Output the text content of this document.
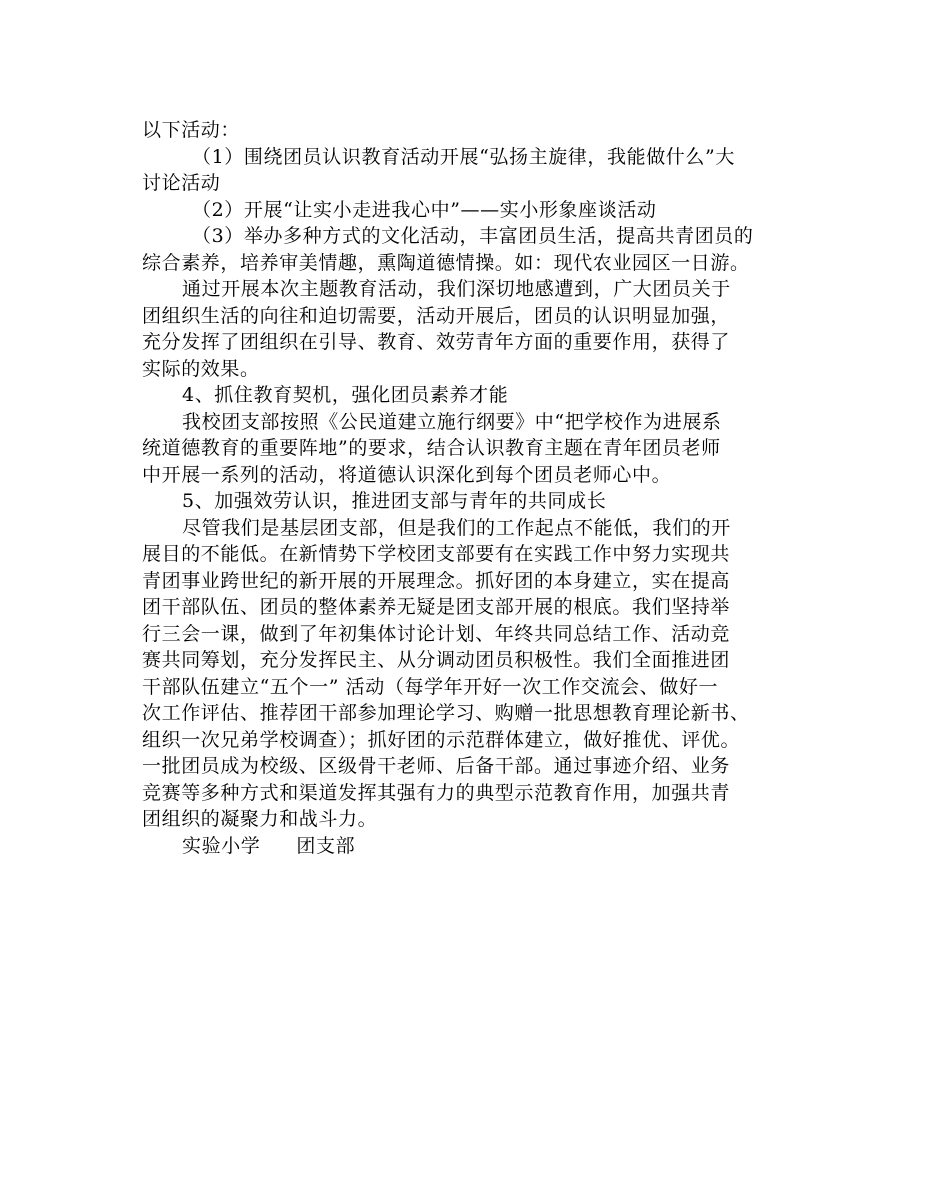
以下活动：
（1）围绕团员认识教育活动开展“弘扬主旋律，我能做什么”大
讨论活动
（2）开展“让实小走进我心中”——实小形象座谈活动
（3）举办多种方式的文化活动，丰富团员生活，提高共青团员的
综合素养，培养审美情趣，熏陶道德情操。如：现代农业园区一日游。
通过开展本次主题教育活动，我们深切地感遭到，广大团员关于
团组织生活的向往和迫切需要，活动开展后，团员的认识明显加强，
充分发挥了团组织在引导、教育、效劳青年方面的重要作用，获得了
实际的效果。
4、抓住教育契机，强化团员素养才能
我校团支部按照《公民道建立施行纲要》中“把学校作为进展系
统道德教育的重要阵地”的要求，结合认识教育主题在青年团员老师
中开展一系列的活动，将道德认识深化到每个团员老师心中。
5、加强效劳认识，推进团支部与青年的共同成长
尽管我们是基层团支部，但是我们的工作起点不能低，我们的开
展目的不能低。在新情势下学校团支部要有在实践工作中努力实现共
青团事业跨世纪的新开展的开展理念。抓好团的本身建立，实在提高
团干部队伍、团员的整体素养无疑是团支部开展的根底。我们坚持举
行三会一课，做到了年初集体讨论计划、年终共同总结工作、活动竞
赛共同筹划，充分发挥民主、从分调动团员积极性。我们全面推进团
干部队伍建立“五个一” 活动（每学年开好一次工作交流会、做好一
次工作评估、推荐团干部参加理论学习、购赠一批思想教育理论新书、
组织一次兄弟学校调查）；抓好团的示范群体建立，做好推优、评优。
一批团员成为校级、区级骨干老师、后备干部。通过事迹介绍、业务
竞赛等多种方式和渠道发挥其强有力的典型示范教育作用，加强共青
团组织的凝聚力和战斗力。
实验小学 团支部
